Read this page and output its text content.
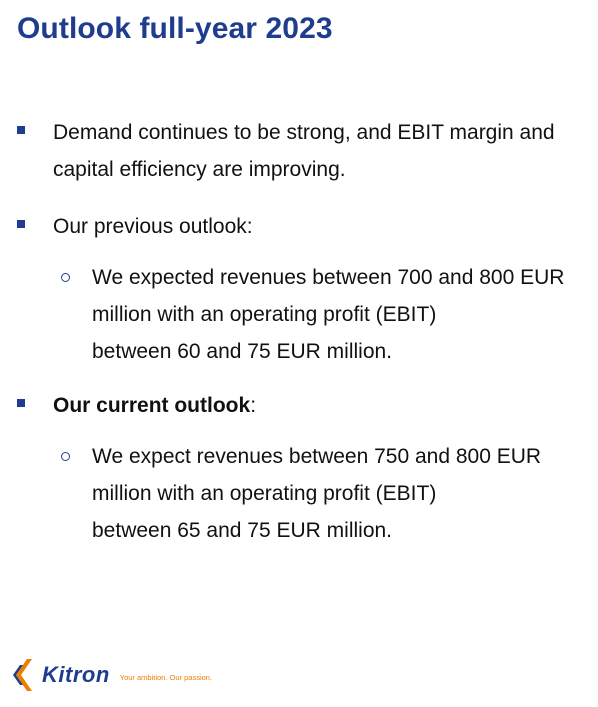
Outlook full-year 2023
Demand continues to be strong, and EBIT margin and
capital efficiency are improving.
Our previous outlook:
We expected revenues between 700 and 800 EUR
million with an operating profit (EBIT)
between 60 and 75 EUR million.
Our current outlook:
We expect revenues between 750 and 800 EUR
million with an operating profit (EBIT)
between 65 and 75 EUR million.
Kitron Your ambition. Our passion.
